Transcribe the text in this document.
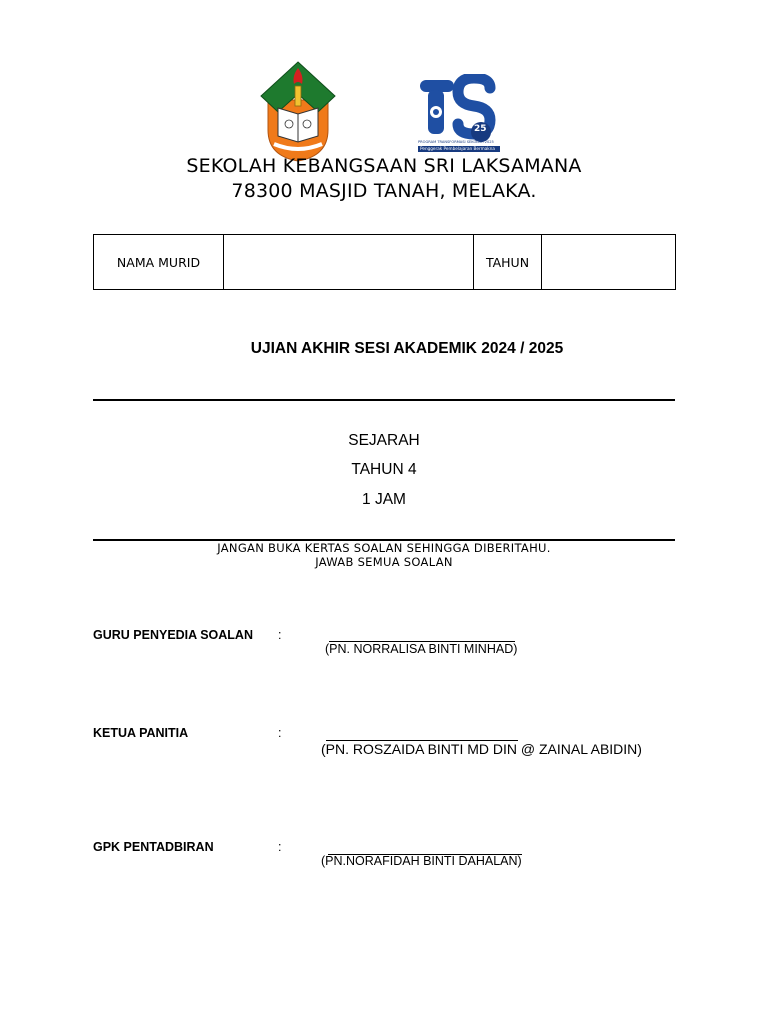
25
PROGRAM TRANSFORMASI SEKOLAH 2025
Penggerak Pembelajaran Bermakna
SEKOLAH KEBANGSAAN SRI LAKSAMANA
78300 MASJID TANAH, MELAKA.
NAMA MURID		TAHUN	
UJIAN AKHIR SESI AKADEMIK 2024 / 2025
SEJARAH
TAHUN 4
1 JAM
JANGAN BUKA KERTAS SOALAN SEHINGGA DIBERITAHU.
JAWAB SEMUA SOALAN
GURU PENYEDIA SOALAN :
(PN. NORRALISA BINTI MINHAD)
KETUA PANITIA	:
(PN. ROSZAIDA BINTI MD DIN @ ZAINAL ABIDIN)
GPK PENTADBIRAN	:
(PN.NORAFIDAH BINTI DAHALAN)
